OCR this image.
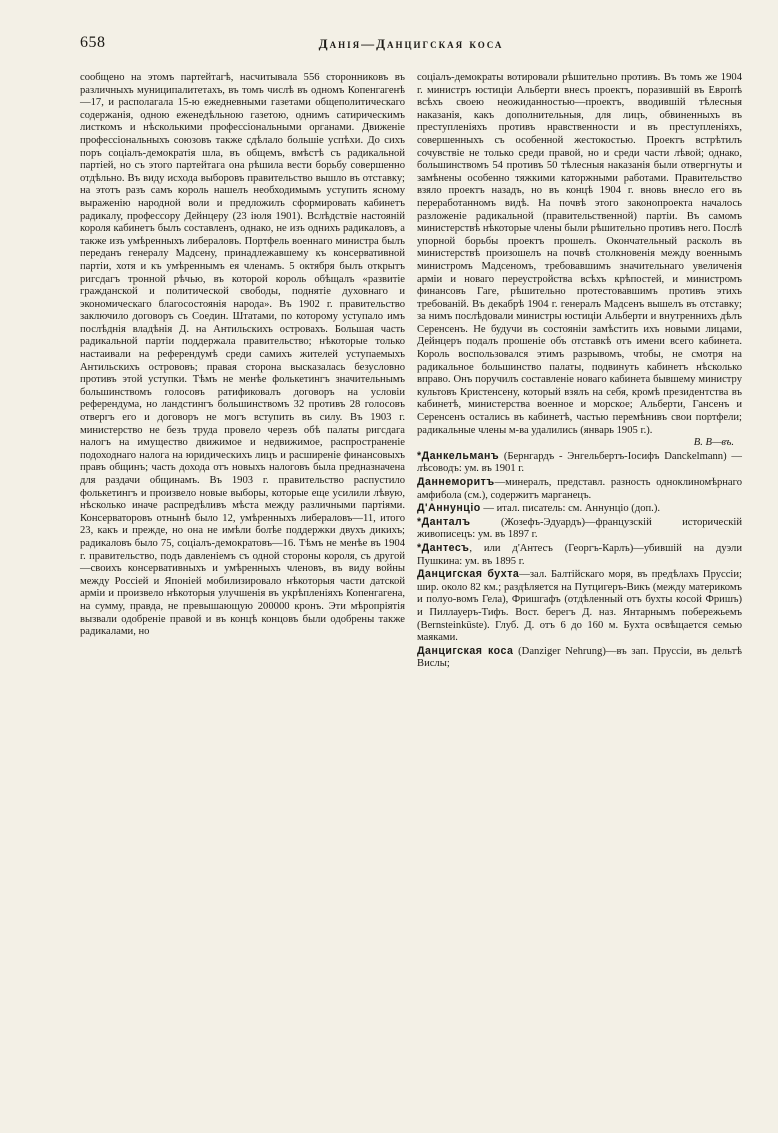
658	Данія—Данцигская коса

сообщено на этомъ партейтагѣ, насчитывала 556 сторонниковъ въ различныхъ муниципалитетахъ, въ томъ числѣ въ одномъ Копенгагенѣ—17, и располагала 15-ю ежедневными газетами общеполитическаго содержанія, одною еженедѣльною газетою, однимъ сатирическимъ листкомъ и нѣсколькими профессіональными органами. Движеніе профессіональныхъ союзовъ также сдѣлало большіе успѣхи. До сихъ поръ соціалъ-демократія шла, въ общемъ, вмѣстѣ съ радикальной партіей, но съ этого партейтага она рѣшила вести борьбу совершенно отдѣльно. Въ виду исхода выборовъ правительство вышло въ отставку; на этотъ разъ самъ король нашелъ необходимымъ уступить ясному выраженію народной воли и предложилъ сформировать кабинетъ радикалу, профессору Дейнцеру (23 іюля 1901). Вслѣдствіе настояній короля кабинетъ былъ составленъ, однако, не изъ однихъ радикаловъ, а также изъ умѣренныхъ либераловъ. Портфель военнаго министра былъ переданъ генералу Мадсену, принадлежавшему къ консервативной партіи, хотя и къ умѣреннымъ ея членамъ. 5 октября былъ открытъ ригсдагъ тронной рѣчью, въ которой король обѣщалъ «развитіе гражданской и политической свободы, поднятіе духовнаго и экономическаго благосостоянія народа». Въ 1902 г. правительство заключило договоръ съ Соедин. Штатами, по которому уступало имъ послѣднія владѣнія Д. на Антильскихъ островахъ. Большая часть радикальной партіи поддержала правительство; нѣкоторые только настаивали на референдумѣ среди самихъ жителей уступаемыхъ Антильскихъ острововъ; правая сторона высказалась безусловно противъ этой уступки. Тѣмъ не менѣе фолькетингъ значительнымъ большинствомъ голосовъ ратификовалъ договоръ на условіи референдума, но ландстингъ большинствомъ 32 противъ 28 голосовъ отвергъ его и договоръ не могъ вступить въ силу. Въ 1903 г. министерство не безъ труда провело черезъ обѣ палаты ригсдага налогъ на имущество движимое и недвижимое, распространеніе подоходнаго налога на юридическихъ лицъ и расширеніе финансовыхъ правъ общинъ; часть дохода отъ новыхъ налоговъ была предназначена для раздачи общинамъ. Въ 1903 г. правительство распустило фолькетингъ и произвело новые выборы, которые еще усилили лѣвую, нѣсколько иначе распредѣливъ мѣста между различными партіями. Консерваторовъ отнынѣ было 12, умѣренныхъ либераловъ—11, итого 23, какъ и прежде, но она не имѣли болѣе поддержки двухъ дикихъ; радикаловъ было 75, соціалъ-демократовъ—16. Тѣмъ не менѣе въ 1904 г. правительство, подъ давленіемъ съ одной стороны короля, съ другой—своихъ консервативныхъ и умѣренныхъ членовъ, въ виду войны между Россіей и Японіей мобилизировало нѣкоторыя части датской арміи и произвело нѣкоторыя улучшенія въ укрѣпленіяхъ Копенгагена, на сумму, правда, не превышающую 200000 кронъ. Эти мѣропріятія вызвали одобреніе правой и въ концѣ концовъ были одобрены также радикалами, но

соціалъ-демократы вотировали рѣшительно противъ. Въ томъ же 1904 г. министръ юстиціи Альберти внесъ проектъ, поразившій въ Европѣ всѣхъ своею неожиданностью—проектъ, вводившій тѣлесныя наказанія, какъ дополнительныя, для лицъ, обвиненныхъ въ преступленіяхъ противъ нравственности и въ преступленіяхъ, совершенныхъ съ особенной жестокостью. Проектъ встрѣтилъ сочувствіе не только среди правой, но и среди части лѣвой; однако, большинствомъ 54 противъ 50 тѣлесныя наказанія были отвергнуты и замѣнены особенно тяжкими каторжными работами. Правительство взяло проектъ назадъ, но въ концѣ 1904 г. вновь внесло его въ переработанномъ видѣ. На почвѣ этого законопроекта началось разложеніе радикальной (правительственной) партіи. Въ самомъ министерствѣ нѣкоторые члены были рѣшительно противъ него. Послѣ упорной борьбы проектъ прошелъ. Окончательный расколъ въ министерствѣ произошелъ на почвѣ столкновенія между военнымъ министромъ Мадсеномъ, требовавшимъ значительнаго увеличенія арміи и новаго переустройства всѣхъ крѣпостей, и министромъ финансовъ Гаге, рѣшительно протестовавшимъ противъ этихъ требованій. Въ декабрѣ 1904 г. генералъ Мадсенъ вышелъ въ отставку; за нимъ послѣдовали министры юстиціи Альберти и внутреннихъ дѣлъ Серенсенъ. Не будучи въ состояніи замѣстить ихъ новыми лицами, Дейнцеръ подалъ прошеніе объ отставкѣ отъ имени всего кабинета. Король воспользовался этимъ разрывомъ, чтобы, не смотря на радикальное большинство палаты, подвинуть кабинетъ нѣсколько вправо. Онъ поручилъ составленіе новаго кабинета бывшему министру культовъ Кристенсену, который взялъ на себя, кромѣ президентства въ кабинетѣ, министерства военное и морское; Альберти, Гансенъ и Серенсенъ остались въ кабинетѣ, частью перемѣнивъ свои портфели; радикальные члены м-ва удалились (январь 1905 г.).

В. В—въ.

*Данкельманъ (Бернгардъ - Энгельбертъ-Іосифъ Danckelmann) — лѣсоводъ: ум. въ 1901 г.

Даннеморитъ—минералъ, представл. разность одноклиномѣрнаго амфибола (см.), содержитъ марганецъ.

Д'Аннунціо — итал. писатель: см. Аннунціо (доп.).

*Данталъ (Жозефъ-Эдуардъ)—французскій историческій живописецъ: ум. въ 1897 г.

*Дантесъ, или д'Антесъ (Георгъ-Карлъ)—убившій на дуэли Пушкина: ум. въ 1895 г.

Данцигская бухта—зал. Балтійскаго моря, въ предѣлахъ Пруссіи; шир. около 82 км.; раздѣляется на Путцигеръ-Викъ (между материкомъ и полуо-вомъ Гела), Фришгафъ (отдѣленный отъ бухты косой Фришъ) и Пиллауеръ-Тифъ. Вост. берегъ Д. наз. Янтарнымъ побережьемъ (Bernsteinküste). Глуб. Д. отъ 6 до 160 м. Бухта освѣщается семью маяками.

Данцигская коса (Danziger Nehrung)—въ зап. Пруссіи, въ дельтѣ Вислы;
